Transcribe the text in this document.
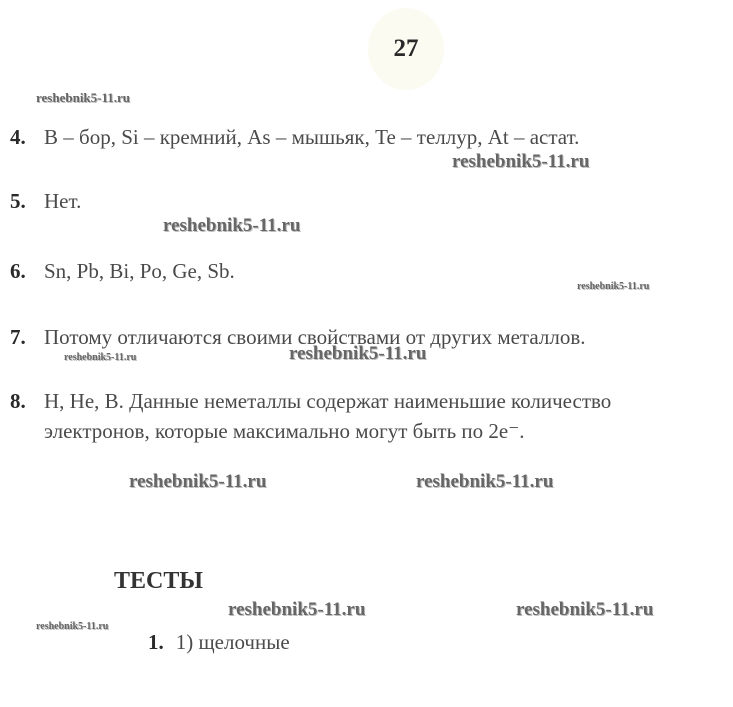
27
4. B – бор, Si – кремний, As – мышьяк, Te – теллур, At – астат.
5. Нет.
6. Sn, Pb, Bi, Po, Ge, Sb.
7. Потому отличаются своими свойствами от других металлов.
8. H, He, B. Данные неметаллы содержат наименьшие количество
электронов, которые максимально могут быть по 2e⁻.
ТЕСТЫ
1. 1) щелочные
reshebnik5-11.ru
reshebnik5-11.ru
reshebnik5-11.ru
reshebnik5-11.ru
reshebnik5-11.ru	reshebnik5-11.ru
reshebnik5-11.ru	reshebnik5-11.ru
reshebnik5-11.ru	reshebnik5-11.ru
reshebnik5-11.ru
